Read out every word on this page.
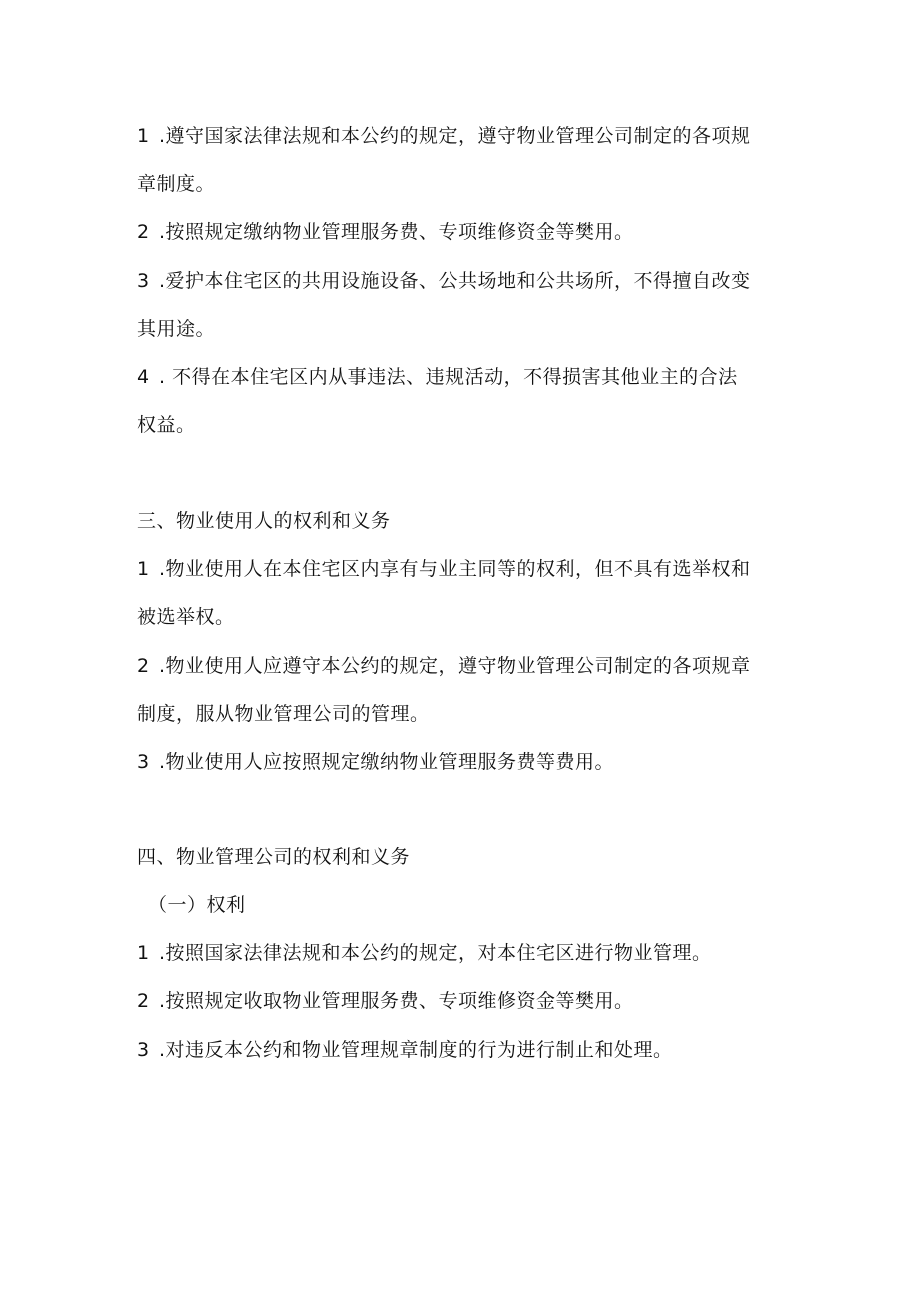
1 .遵守国家法律法规和本公约的规定，遵守物业管理公司制定的各项规
章制度。
2 .按照规定缴纳物业管理服务费、专项维修资金等樊用。
3 .爱护本住宅区的共用设施设备、公共场地和公共场所，不得擅自改变
其用途。
4 . 不得在本住宅区内从事违法、违规活动，不得损害其他业主的合法
权益。
三、物业使用人的权利和义务
1 .物业使用人在本住宅区内享有与业主同等的权利，但不具有选举权和
被选举权。
2 .物业使用人应遵守本公约的规定，遵守物业管理公司制定的各项规章
制度，服从物业管理公司的管理。
3 .物业使用人应按照规定缴纳物业管理服务费等费用。
四、物业管理公司的权利和义务
（一）权利
1 .按照国家法律法规和本公约的规定，对本住宅区进行物业管理。
2 .按照规定收取物业管理服务费、专项维修资金等樊用。
3 .对违反本公约和物业管理规章制度的行为进行制止和处理。
